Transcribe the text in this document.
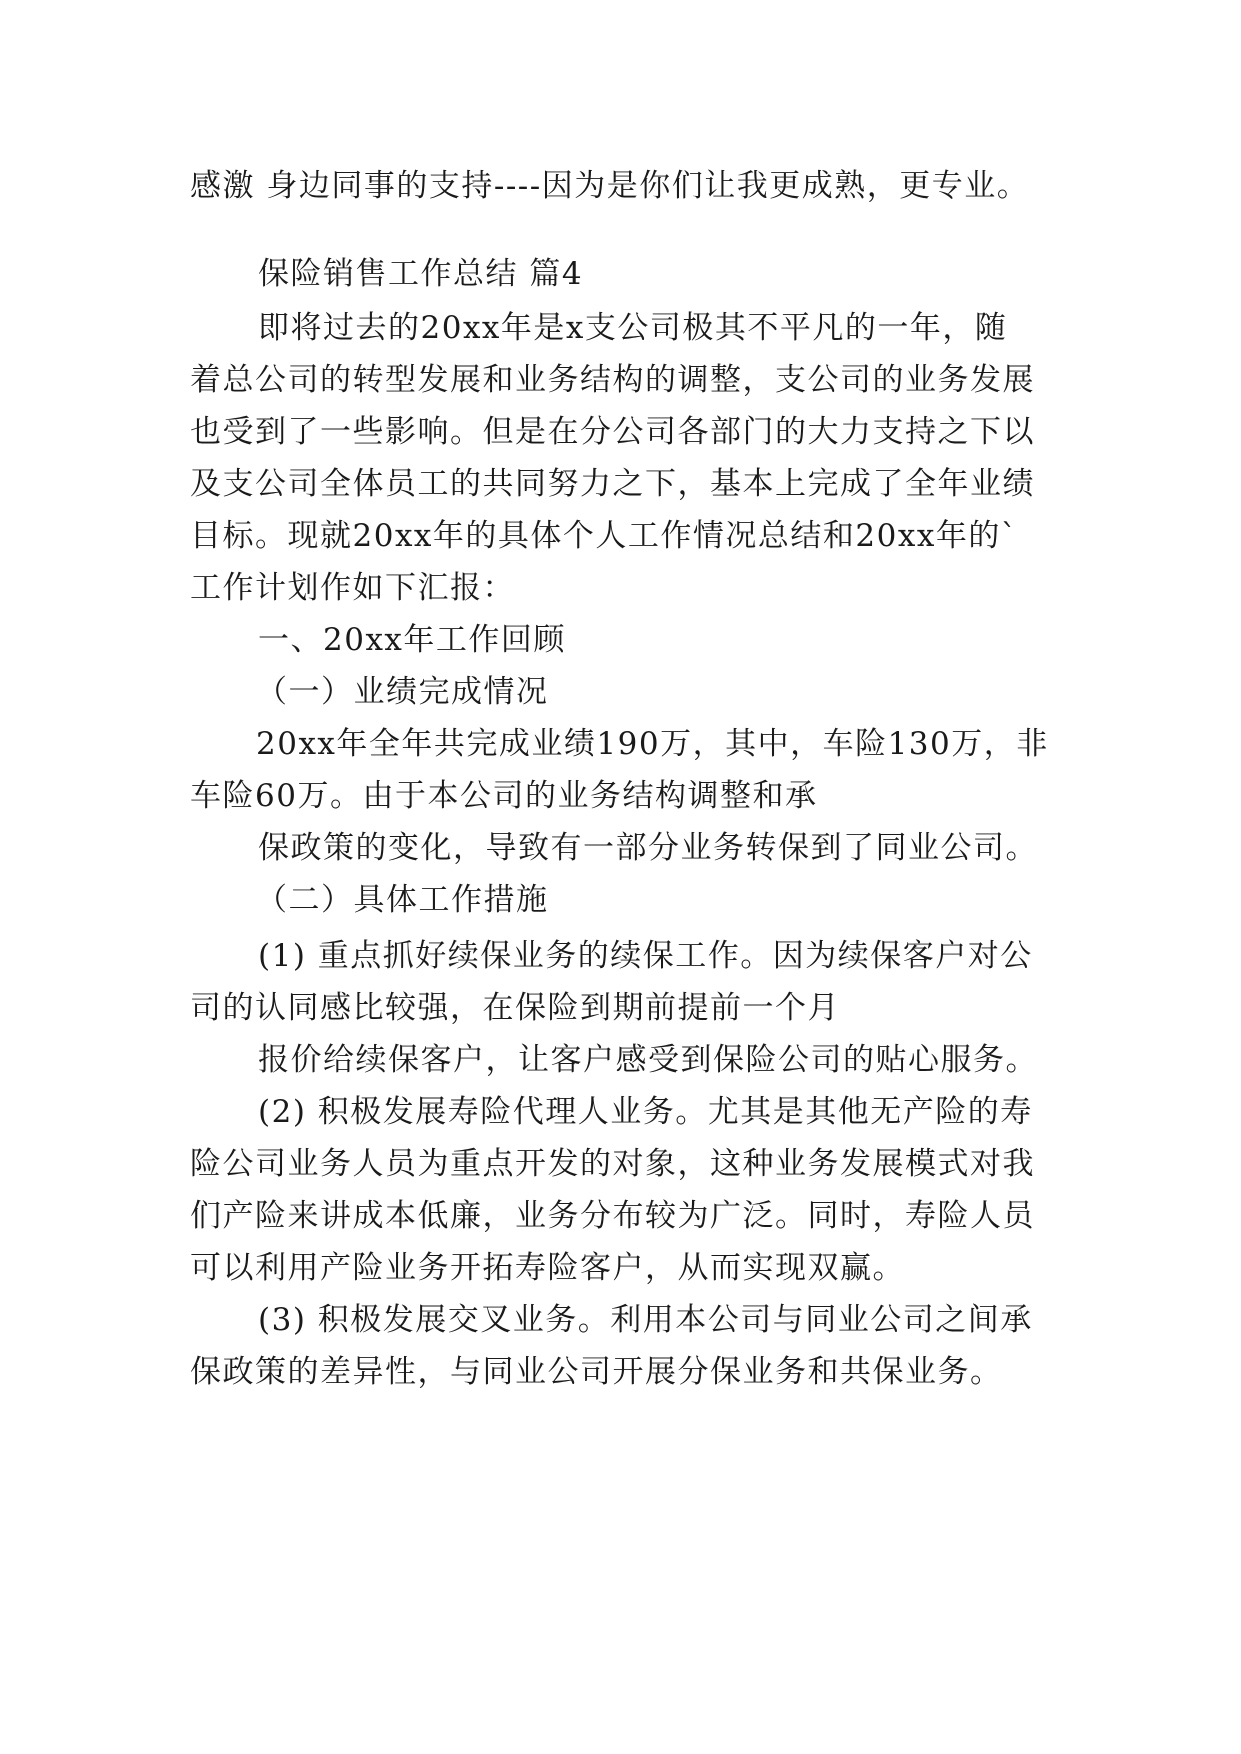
感激 身边同事的支持----因为是你们让我更成熟，更专业。
保险销售工作总结 篇4
即将过去的20xx年是x支公司极其不平凡的一年，随
着总公司的转型发展和业务结构的调整，支公司的业务发展
也受到了一些影响。但是在分公司各部门的大力支持之下以
及支公司全体员工的共同努力之下，基本上完成了全年业绩
目标。现就20xx年的具体个人工作情况总结和20xx年的`
工作计划作如下汇报：
一、20xx年工作回顾
（一）业绩完成情况
20xx年全年共完成业绩190万，其中，车险130万，非
车险60万。由于本公司的业务结构调整和承
保政策的变化，导致有一部分业务转保到了同业公司。
（二）具体工作措施
(1) 重点抓好续保业务的续保工作。因为续保客户对公
司的认同感比较强，在保险到期前提前一个月
报价给续保客户，让客户感受到保险公司的贴心服务。
(2) 积极发展寿险代理人业务。尤其是其他无产险的寿
险公司业务人员为重点开发的对象，这种业务发展模式对我
们产险来讲成本低廉，业务分布较为广泛。同时，寿险人员
可以利用产险业务开拓寿险客户，从而实现双赢。
(3) 积极发展交叉业务。利用本公司与同业公司之间承
保政策的差异性，与同业公司开展分保业务和共保业务。
